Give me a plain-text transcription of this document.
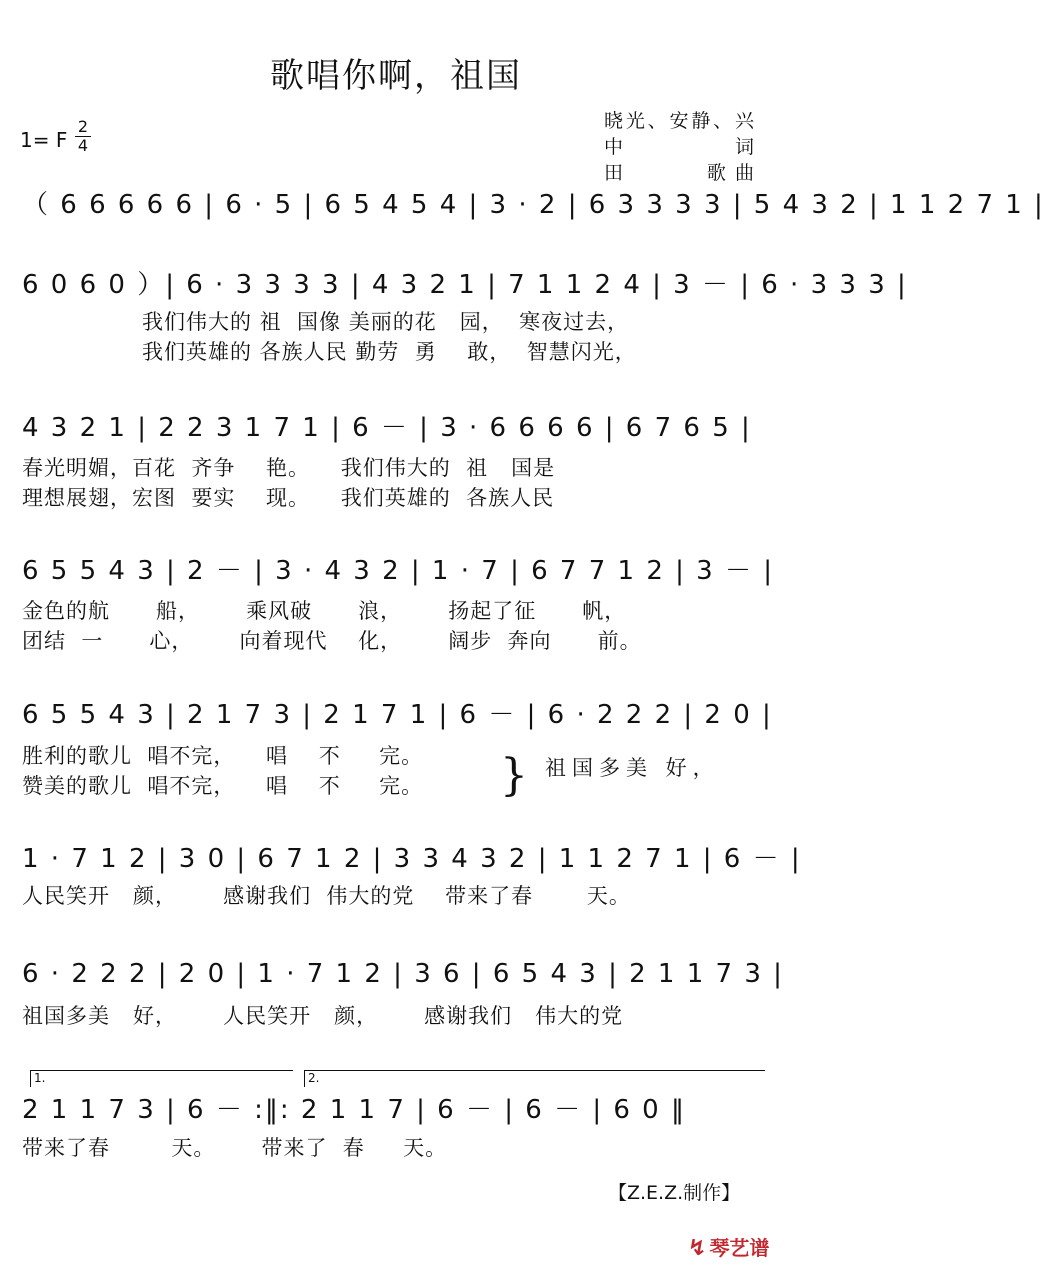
歌唱你啊，祖国
晓光、安静、兴中 词
田　　　　歌 曲
1= F
2
4
（ 6 6 6 6 6 | 6 · 5 | 6 5 4 5 4 | 3 · 2 | 6 3 3 3 3 | 5 4 3 2 | 1 1 2 7 1 |
6 0 6 0 ）| 6 · 3 3 3 3 | 4 3 2 1 | 7 1 1 2 4 | 3 － | 6 · 3 3 3 |
我们伟大的 祖  国像 美丽的花   园，  寒夜过去，
我们英雄的 各族人民 勤劳  勇    敢，  智慧闪光，
4 3 2 1 | 2 2 3 1 7 1 | 6 － | 3 · 6 6 6 6 | 6 7 6 5 |
春光明媚，百花  齐争    艳。    我们伟大的  祖   国是
理想展翅，宏图  要实    现。    我们英雄的  各族人民
6 5 5 4 3 | 2 － | 3 · 4 3 2 | 1 · 7 | 6 7 7 1 2 | 3 － |
金色的航      船，      乘风破      浪，      扬起了征      帆，
团结  一      心，      向着现代    化，      阔步  奔向      前。
6 5 5 4 3 | 2 1 7 3 | 2 1 7 1 | 6 － | 6 · 2 2 2 | 2 0 |
胜利的歌儿  唱不完，    唱    不     完。
赞美的歌儿  唱不完，    唱    不     完。	} 祖国多美 好，
1 · 7 1 2 | 3 0 | 6 7 1 2 | 3 3 4 3 2 | 1 1 2 7 1 | 6 － |
人民笑开   颜，      感谢我们  伟大的党    带来了春       天。
6 · 2 2 2 | 2 0 | 1 · 7 1 2 | 3 6 | 6 5 4 3 | 2 1 1 7 3 |
祖国多美   好，      人民笑开   颜，      感谢我们   伟大的党
1.	2.
2 1 1 7 3 | 6 － :‖: 2 1 1 7 | 6 － | 6 － | 6 0 ‖
带来了春        天。      带来了  春     天。
【Z.E.Z.制作】
↯ 琴艺谱
